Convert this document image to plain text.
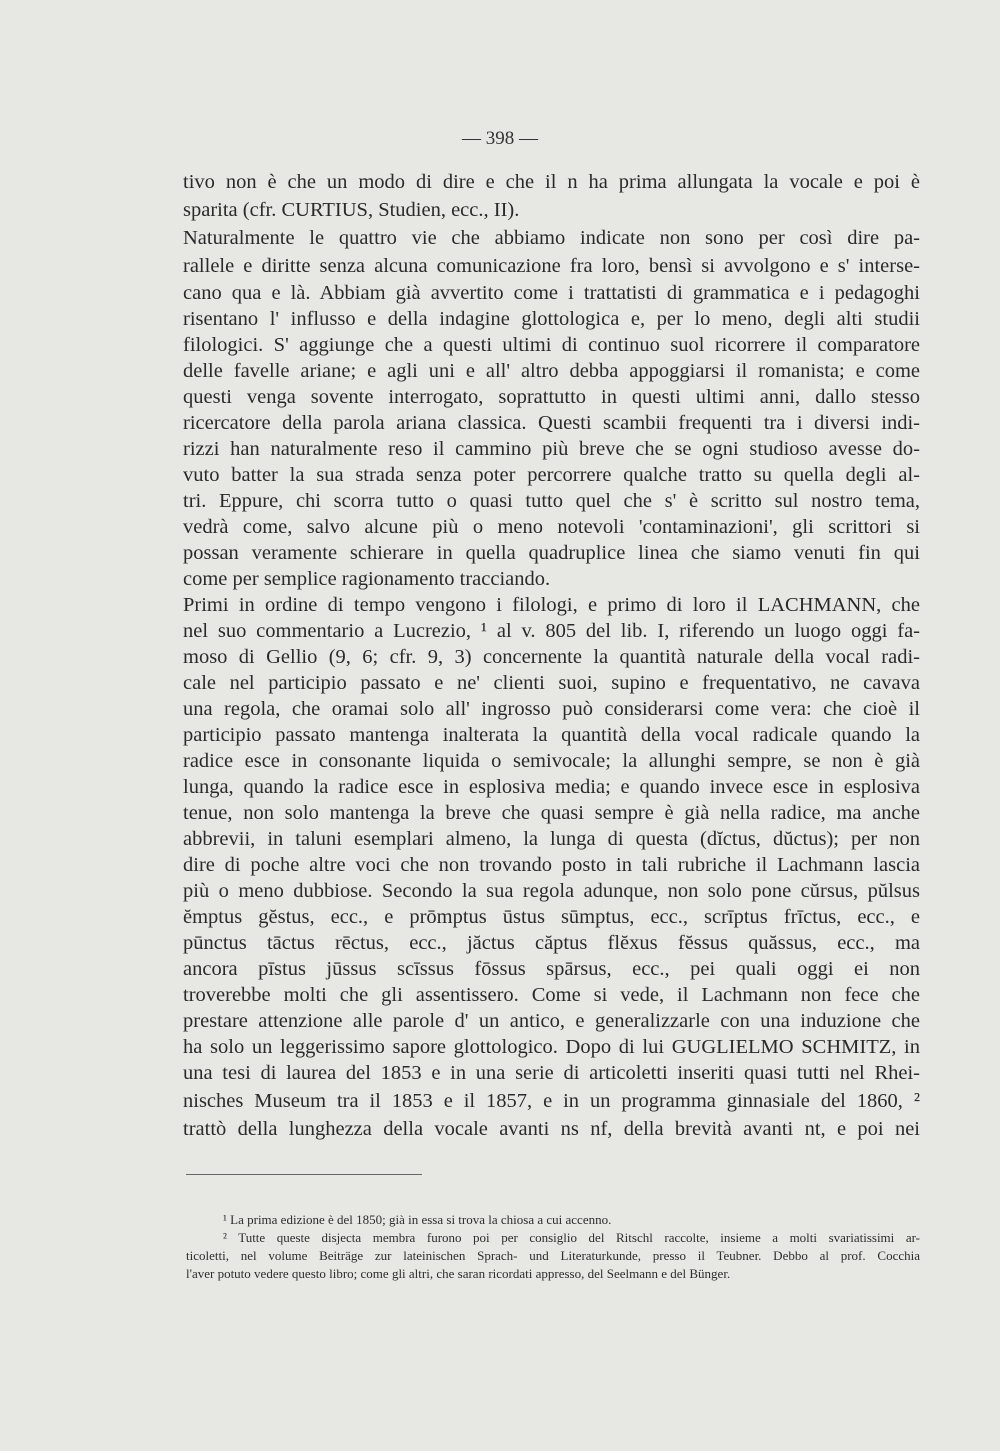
— 398 —
tivo non è che un modo di dire e che il n ha prima allungata la vocale e poi è
sparita (cfr. CURTIUS, Studien, ecc., II).
Naturalmente le quattro vie che abbiamo indicate non sono per così dire pa-
rallele e diritte senza alcuna comunicazione fra loro, bensì si avvolgono e s' interse-
cano qua e là. Abbiam già avvertito come i trattatisti di grammatica e i pedagoghi
risentano l' influsso e della indagine glottologica e, per lo meno, degli alti studii
filologici. S' aggiunge che a questi ultimi di continuo suol ricorrere il comparatore
delle favelle ariane; e agli uni e all' altro debba appoggiarsi il romanista; e come
questi venga sovente interrogato, soprattutto in questi ultimi anni, dallo stesso
ricercatore della parola ariana classica. Questi scambii frequenti tra i diversi indi-
rizzi han naturalmente reso il cammino più breve che se ogni studioso avesse do-
vuto batter la sua strada senza poter percorrere qualche tratto su quella degli al-
tri. Eppure, chi scorra tutto o quasi tutto quel che s' è scritto sul nostro tema,
vedrà come, salvo alcune più o meno notevoli 'contaminazioni', gli scrittori si
possan veramente schierare in quella quadruplice linea che siamo venuti fin qui
come per semplice ragionamento tracciando.
Primi in ordine di tempo vengono i filologi, e primo di loro il LACHMANN, che
nel suo commentario a Lucrezio, ¹ al v. 805 del lib. I, riferendo un luogo oggi fa-
moso di Gellio (9, 6; cfr. 9, 3) concernente la quantità naturale della vocal radi-
cale nel participio passato e ne' clienti suoi, supino e frequentativo, ne cavava
una regola, che oramai solo all' ingrosso può considerarsi come vera: che cioè il
participio passato mantenga inalterata la quantità della vocal radicale quando la
radice esce in consonante liquida o semivocale; la allunghi sempre, se non è già
lunga, quando la radice esce in esplosiva media; e quando invece esce in esplosiva
tenue, non solo mantenga la breve che quasi sempre è già nella radice, ma anche
abbrevii, in taluni esemplari almeno, la lunga di questa (dĭctus, dŭctus); per non
dire di poche altre voci che non trovando posto in tali rubriche il Lachmann lascia
più o meno dubbiose. Secondo la sua regola adunque, non solo pone cŭrsus, pŭlsus
ĕmptus gĕstus, ecc., e prōmptus ūstus sūmptus, ecc., scrīptus frīctus, ecc., e
pūnctus tāctus rēctus, ecc., jăctus căptus flĕxus fĕssus quăssus, ecc., ma
ancora pīstus jūssus scīssus fōssus spārsus, ecc., pei quali oggi ei non
troverebbe molti che gli assentissero. Come si vede, il Lachmann non fece che
prestare attenzione alle parole d' un antico, e generalizzarle con una induzione che
ha solo un leggerissimo sapore glottologico. Dopo di lui GUGLIELMO SCHMITZ, in
una tesi di laurea del 1853 e in una serie di articoletti inseriti quasi tutti nel Rhei-
nisches Museum tra il 1853 e il 1857, e in un programma ginnasiale del 1860, ²
trattò della lunghezza della vocale avanti ns nf, della brevità avanti nt, e poi nei
¹ La prima edizione è del 1850; già in essa si trova la chiosa a cui accenno.
² Tutte queste disjecta membra furono poi per consiglio del Ritschl raccolte, insieme a molti svariatissimi ar-
ticoletti, nel volume Beiträge zur lateinischen Sprach- und Literaturkunde, presso il Teubner. Debbo al prof. Cocchia
l'aver potuto vedere questo libro; come gli altri, che saran ricordati appresso, del Seelmann e del Bünger.
